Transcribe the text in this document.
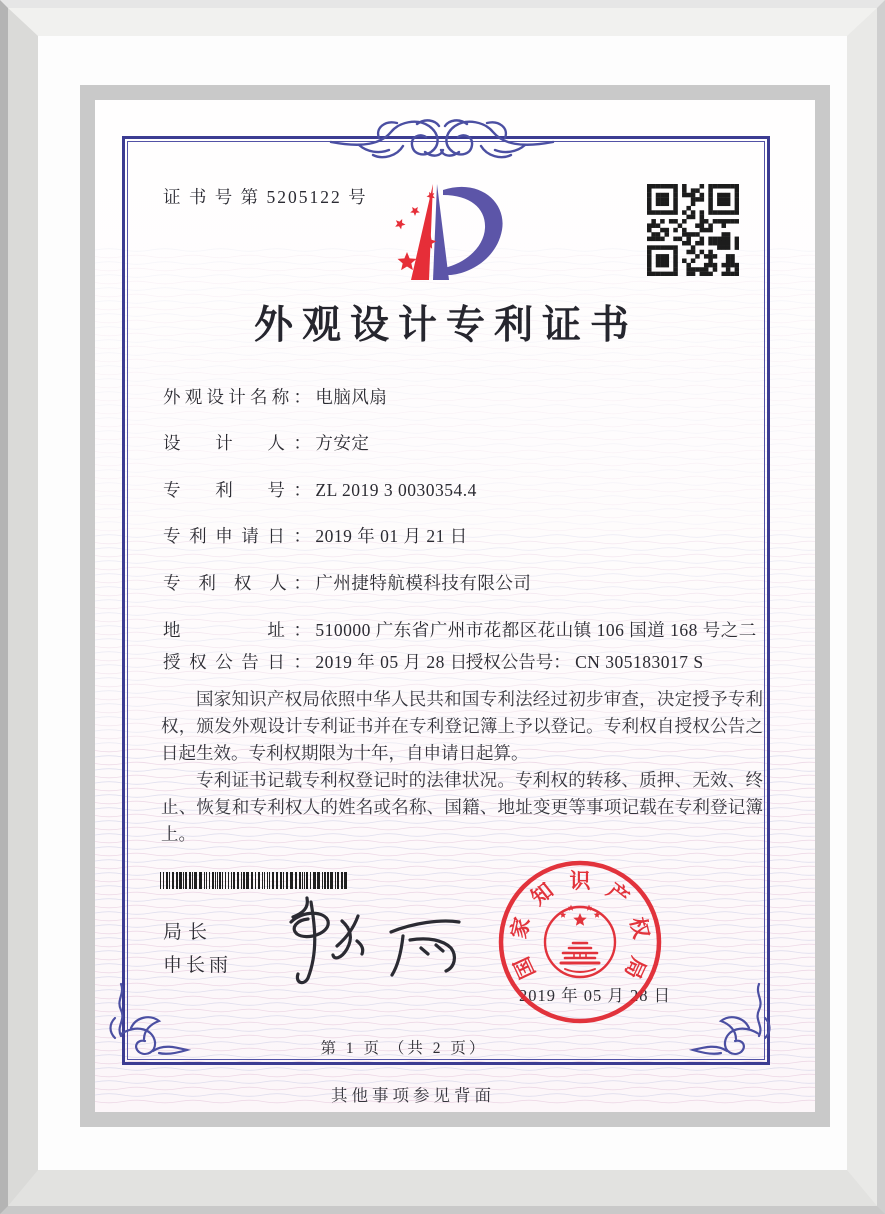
证 书 号 第 5205122 号
外观设计专利证书
外观设计名称： 电脑风扇
设　计　人： 方安定
专　利　号： ZL 2019 3 0030354.4
专利申请日： 2019 年 01 月 21 日
专 利 权 人： 广州捷特航模科技有限公司
地　　　址： 510000 广东省广州市花都区花山镇 106 国道 168 号之二
授权公告日： 2019 年 05 月 28 日 授权公告号： CN 305183017 S

国家知识产权局依照中华人民共和国专利法经过初步审查，决定授予专利权，颁发外观设计专利证书并在专利登记簿上予以登记。专利权自授权公告之日起生效。专利权期限为十年，自申请日起算。

专利证书记载专利权登记时的法律状况。专利权的转移、质押、无效、终止、恢复和专利权人的姓名或名称、国籍、地址变更等事项记载在专利登记簿上。

局长
申长雨
2019 年 05 月 28 日
国
家
知 识 产
权
局
第 1 页 （共 2 页）
其他事项参见背面
